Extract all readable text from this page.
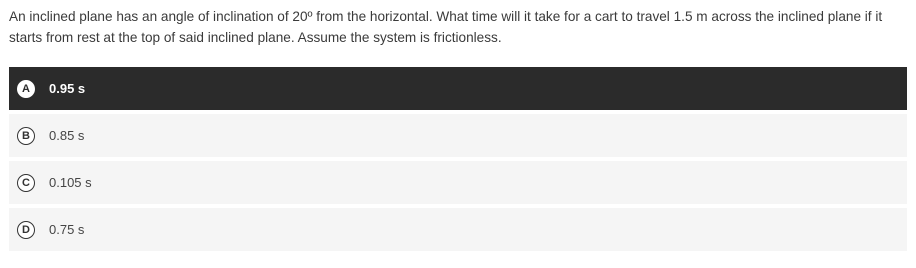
An inclined plane has an angle of inclination of 20º from the horizontal. What time will it take for a cart to travel 1.5 m across the inclined plane if it starts from rest at the top of said inclined plane. Assume the system is frictionless.
A	0.95 s
B	0.85 s
C	0.105 s
D	0.75 s
